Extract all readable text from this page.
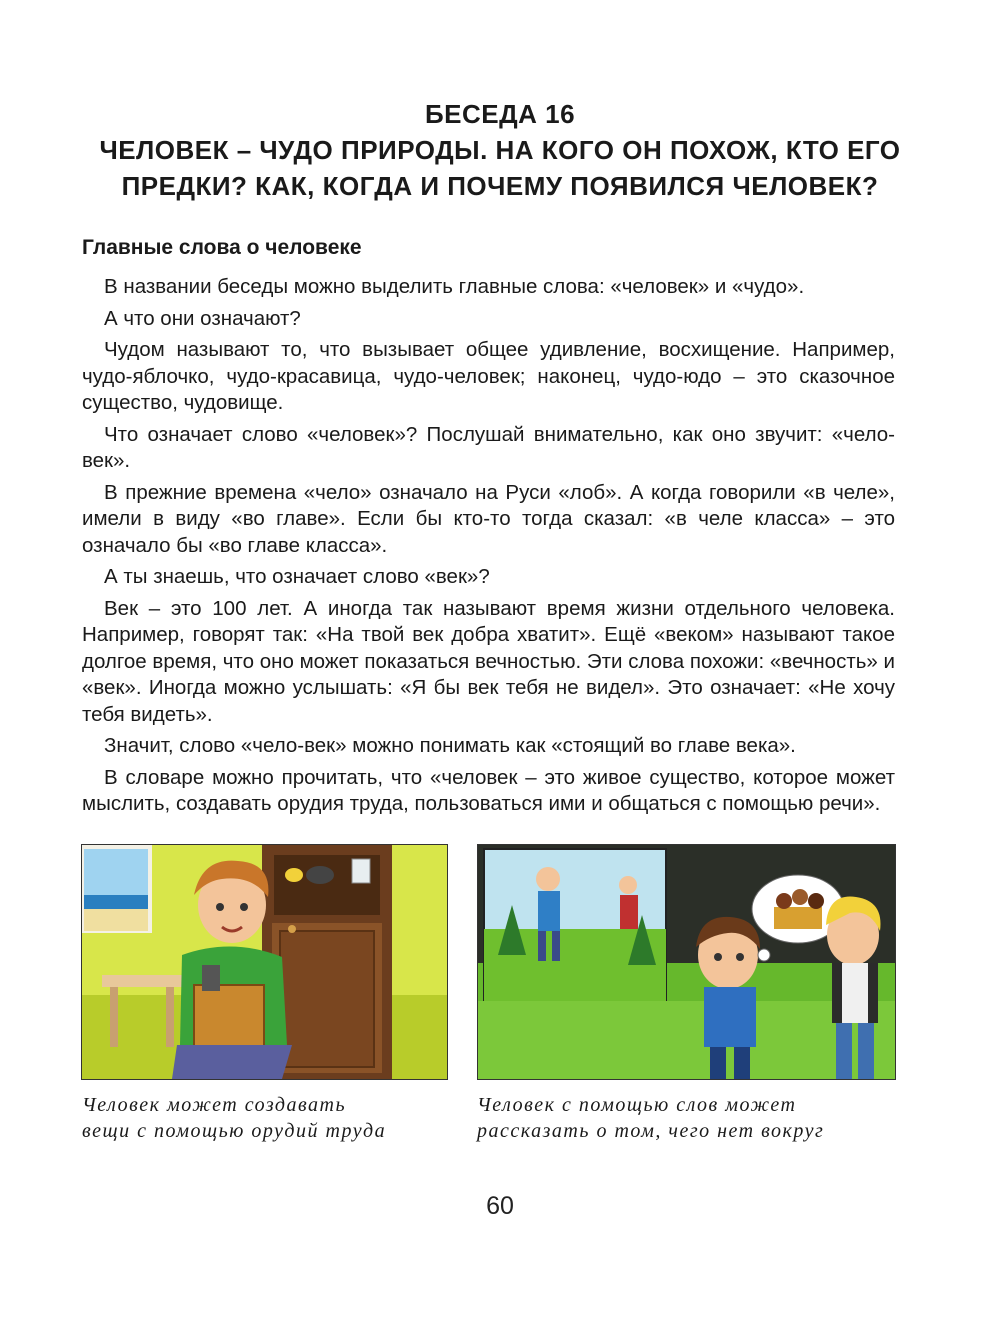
БЕСЕДА 16
ЧЕЛОВЕК – ЧУДО ПРИРОДЫ. НА КОГО ОН ПОХОЖ, КТО ЕГО
ПРЕДКИ? КАК, КОГДА И ПОЧЕМУ ПОЯВИЛСЯ ЧЕЛОВЕК?
Главные слова о человеке

В названии беседы можно выделить главные слова: «человек» и «чудо».

А что они означают?

Чудом называют то, что вызывает общее удивление, восхищение. Например, чудо-яблочко, чудо-красавица, чудо-человек; наконец, чудо-юдо – это сказочное существо, чудовище.

Что означает слово «человек»? Послушай внимательно, как оно звучит: «чело-век».

В прежние времена «чело» означало на Руси «лоб». А когда говорили «в челе», имели в виду «во главе». Если бы кто-то тогда сказал: «в челе класса» – это означало бы «во главе класса».

А ты знаешь, что означает слово «век»?

Век – это 100 лет. А иногда так называют время жизни отдельного человека. Например, говорят так: «На твой век добра хватит». Ещё «веком» называют такое долгое время, что оно может показаться вечностью. Эти слова похожи: «вечность» и «век». Иногда можно услышать: «Я бы век тебя не видел». Это означает: «Не хочу тебя видеть».

Значит, слово «чело-век» можно понимать как «стоящий во главе века».

В словаре можно прочитать, что «человек – это живое существо, которое может мыслить, создавать орудия труда, пользоваться ими и общаться с помощью речи».

Человек может создавать
вещи с помощью орудий труда
Человек с помощью слов может
рассказать о том, чего нет вокруг
60
